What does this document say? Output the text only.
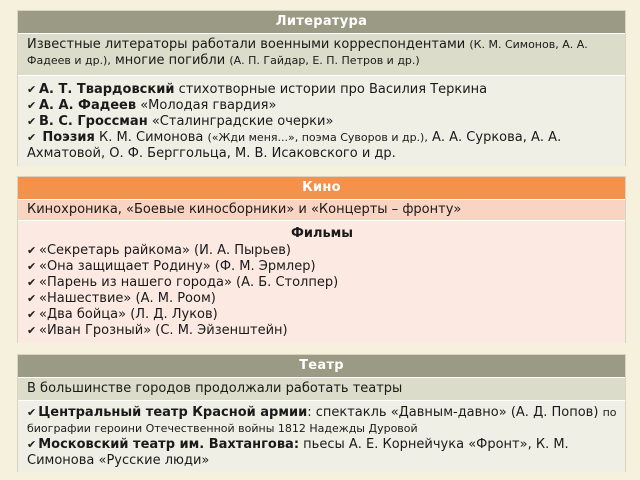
Литература
Известные литераторы работали военными корреспондентами (К. М. Симонов, А. А. Фадеев и др.), многие погибли (А. П. Гайдар, Е. П. Петров и др.)
✔ А. Т. Твардовский стихотворные истории про Василия Теркина
✔ А. А. Фадеев «Молодая гвардия»
✔ В. С. Гроссман «Сталинградские очерки»
✔ Поэзия К. М. Симонова («Жди меня...», поэма Суворов и др.), А. А. Суркова, А. А. Ахматовой, О. Ф. Берггольца, М. В. Исаковского и др.
Кино
Кинохроника, «Боевые киносборники» и «Концерты – фронту»
Фильмы
✔ «Секретарь райкома» (И. А. Пырьев)
✔ «Она защищает Родину» (Ф. М. Эрмлер)
✔ «Парень из нашего города» (А. Б. Столпер)
✔ «Нашествие» (А. М. Роом)
✔ «Два бойца» (Л. Д. Луков)
✔ «Иван Грозный» (С. М. Эйзенштейн)
Театр
В большинстве городов продолжали работать театры
✔ Центральный театр Красной армии: спектакль «Давным-давно» (А. Д. Попов) по биографии героини Отечественной войны 1812 Надежды Дуровой
✔ Московский театр им. Вахтангова: пьесы А. Е. Корнейчука «Фронт», К. М. Симонова «Русские люди»
